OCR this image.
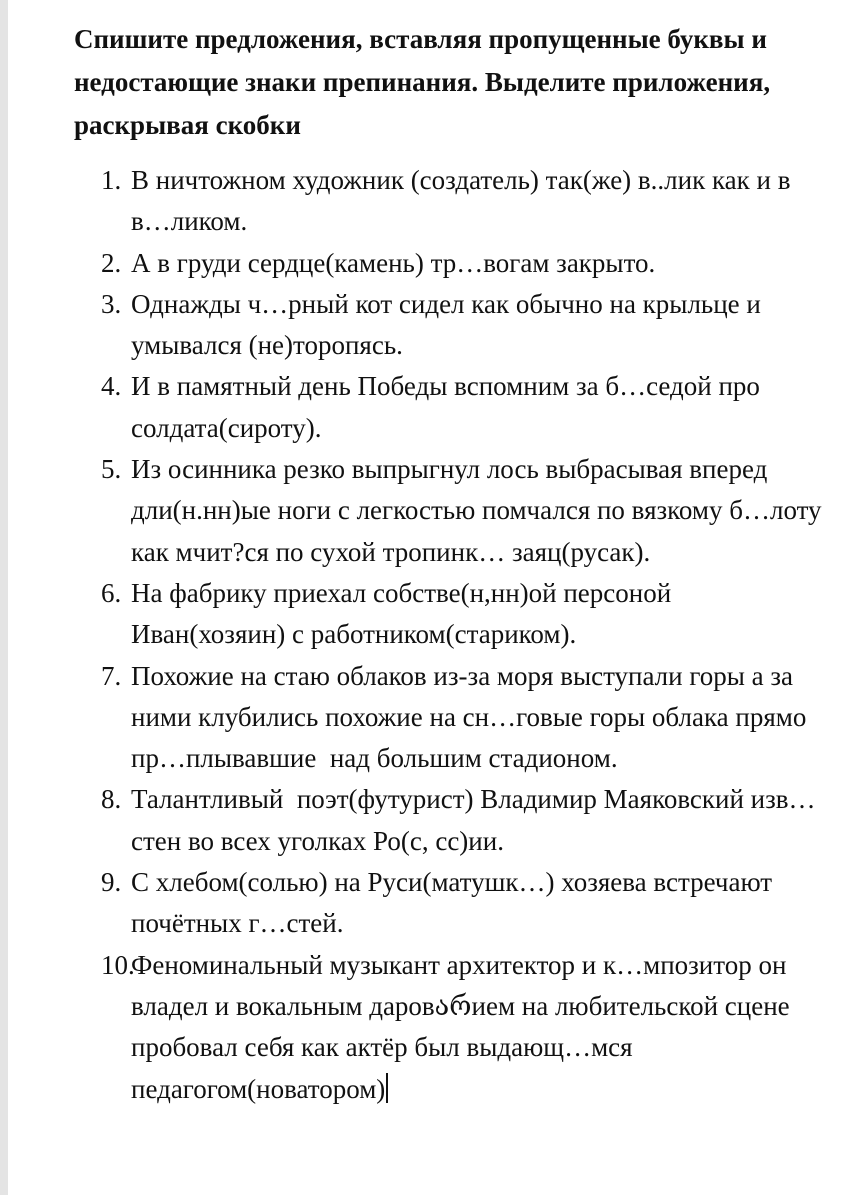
Спишите предложения, вставляя пропущенные буквы и недостающие знаки препинания. Выделите приложения, раскрывая скобки

1. В ничтожном художник (создатель) так(же) в..лик как и в в…ликом.
2. А в груди сердце(камень) тр…вогам закрыто.
3. Однажды ч…рный кот сидел как обычно на крыльце и умывался (не)торопясь.
4. И в памятный день Победы вспомним за б…седой про солдата(сироту).
5. Из осинника резко выпрыгнул лось выбрасывая вперед дли(н.нн)ые ноги с легкостью помчался по вязкому б…лоту как мчит?ся по сухой тропинк… заяц(русак).
6. На фабрику приехал собстве(н,нн)ой персоной Иван(хозяин) с работником(стариком).
7. Похожие на стаю облаков из-за моря выступали горы а за ними клубились похожие на сн…говые горы облака прямо пр…плывавшие  над большим стадионом.
8. Талантливый  поэт(футурист) Владимир Маяковский изв…стен во всех уголках Ро(с, сс)ии.
9. С хлебом(солью) на Руси(матушк…) хозяева встречают почётных г…стей.
10.
Феноминальный музыкант архитектор и к…мпозитор он владел и вокальным даровარием на любительской сцене пробовал себя как актёр был выдающ…мся педагогом(новатором)
